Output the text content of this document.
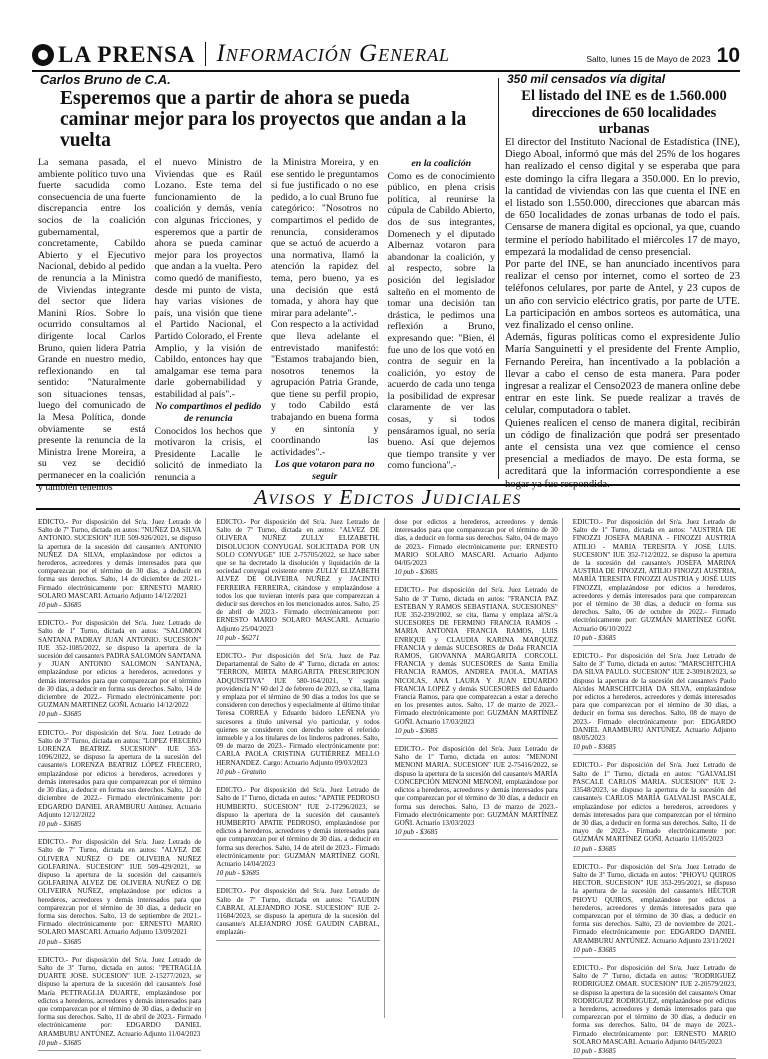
LA PRENSA Información General	Salto, lunes 15 de Mayo de 2023 10
Carlos Bruno de C.A.
Esperemos que a partir de ahora se pueda caminar mejor para los proyectos que andan a la vuelta
La semana pasada, el ambiente político tuvo una fuerte sacudida como consecuencia de una fuerte discrepancia entre los socios de la coalición gubernamental, concretamente, Cabildo Abierto y el Ejecutivo Nacional, debido al pedido de renuncia a la Ministra de Viviendas integrante del sector que lidera Manini Ríos. Sobre lo ocurrido consultamos al dirigente local Carlos Bruno, quien lidera Patria Grande en nuestro medio, reflexionando en tal sentido: "Naturalmente son situaciones tensas, luego del comunicado de la Mesa Política, donde obviamente se está presente la renuncia de la Ministra Irene Moreira, a su vez se decidió permanecer en la coalición y también tenemos
el nuevo Ministro de Viviendas que es Raúl Lozano. Este tema del funcionamiento de la coalición y demás, venía con algunas fricciones, y esperemos que a partir de ahora se pueda caminar mejor para los proyectos que andan a la vuelta. Pero como quedó de manifiesto, desde mi punto de vista, hay varias visiones de país, una visión que tiene el Partido Nacional, el Partido Colorado, el Frente Amplio, y la visión de Cabildo, entonces hay que amalgamar ese tema para darle gobernabilidad y estabilidad al país".-
No compartimos el pedido de renuncia
Conocidos los hechos que motivaron la crisis, el Presidente Lacalle le solicitó de inmediato la renuncia a
la Ministra Moreira, y en ese sentido le preguntamos si fue justificado o no ese pedido, a lo cual Bruno fue categórico: "Nosotros no compartimos el pedido de renuncia, consideramos que se actuó de acuerdo a una normativa, llamó la atención la rapidez del tema, pero bueno, ya es una decisión que está tomada, y ahora hay que mirar para adelante".-
Con respecto a la actividad que lleva adelante el entrevistado manifestó: "Estamos trabajando bien, nosotros tenemos la agrupación Patria Grande, que tiene su perfil propio, y todo Cabildo está trabajando en buena forma y en sintonía y coordinando las actividades".-
Los que votaron para no seguir
en la coalición
Como es de conocimiento público, en plena crisis política, al reunirse la cúpula de Cabildo Abierto, dos de sus integrantes, Domenech y el diputado Albernaz votaron para abandonar la coalición, y al respecto, sobre la posición del legislador salteño en el momento de tomar una decisión tan drástica, le pedimos una reflexión a Bruno, expresando que: "Bien, él fue uno de los que votó en contra de seguir en la coalición, yo estoy de acuerdo de cada uno tenga la posibilidad de expresar claramente de ver las cosas, y si todos pensáramos igual, no sería bueno. Así que dejemos que tiempo transite y ver como funciona".-
350 mil censados vía digital
El listado del INE es de 1.560.000 direcciones de 650 localidades urbanas

El director del Instituto Nacional de Estadística (INE), Diego Aboal, informó que más del 25% de los hogares han realizado el censo digital y se esperaba que para este domingo la cifra llegara a 350.000. En lo previo, la cantidad de viviendas con las que cuenta el INE en el listado son 1.550.000, direcciones que abarcan más de 650 localidades de zonas urbanas de todo el país. Censarse de manera digital es opcional, ya que, cuando termine el período habilitado el miércoles 17 de mayo, empezará la modalidad de censo presencial.

Por parte del INE, se han anunciado incentivos para realizar el censo por internet, como el sorteo de 23 teléfonos celulares, por parte de Antel, y 23 cupos de un año con servicio eléctrico gratis, por parte de UTE. La participación en ambos sorteos es automática, una vez finalizado el censo online.

Además, figuras políticas como el expresidente Julio María Sanguinetti y el presidente del Frente Amplio, Fernando Pereira, han incentivado a la población a llevar a cabo el censo de esta manera. Para poder ingresar a realizar el Censo2023 de manera online debe entrar en este link. Se puede realizar a través de celular, computadora o tablet.

Quienes realicen el censo de manera digital, recibirán un código de finalización que podrá ser presentado ante el censista una vez que comience el censo presencial a mediados de mayo. De esta forma, se acreditará que la información correspondiente a ese hogar ya fue respondida.

Avisos y Edictos Judiciales
EDICTO.- Por disposición del Sr/a. Juez Letrado de Salto de 7º Turno, dictada en autos: "NUÑEZ DA SILVA ANTONIO. SUCESION" IUE 509-926/2021, se dispuso la apertura de la sucesión del causante/s ANTONIO NUÑEZ DA SILVA, emplazándose por edictos a herederos, acreedores y demás interesados para que comparezcan por el término de 30 días, a deducir en forma sus derechos. Salto, 14 de diciembre de 2021.- Firmado electrónicamente por: ERNESTO MARIO SOLARO MASCARI. Actuario Adjunto 14/12/2021
10 pub - $3685
EDICTO.- Por disposición del Sr/a. Juez Letrado de Salto de 1º Turno, dictada en autos: "SALOMON SANTANA PADRAY JUAN ANTONIO. SUCESION" IUE 352-1085/2022, se dispuso la apertura de la sucesión del causante/s PADRA SALOMON SANTANA y JUAN ANTONIO SALOMON SANTANA, emplazándose por edictos a herederos, acreedores y demás interesados para que comparezcan por el término de 30 días, a deducir en forma sus derechos. Salto, 14 de diciembre de 2022.- Firmado electrónicamente por: GUZMAN MARTINEZ GOÑI. Actuario 14/12/2022
10 pub - $3685
EDICTO.- Por disposición del Sr/a. Juez Letrado de Salto de 3º Turno, dictada en autos: "LOPEZ FRECERO LORENZA BEATRIZ. SUCESION" IUE 353-1096/2022, se dispuso la apertura de la sucesión del causante/s LORENZA BEATRIZ LÓPEZ FRECERO, emplazándose por edictos a herederos, acreedores y demás interesados para que comparezcan por el término de 30 días, a deducir en forma sus derechos. Salto, 12 de diciembre de 2022.- Firmado electrónicamente por: EDGARDO DANIEL ARAMBURU Antúnez. Actuario Adjunto 12/12/2022
10 pub - $3685
EDICTO.- Por disposición del Sr/a. Juez Letrado de Salto de 7º Turno, dictada en autos: "ALVEZ DE OLIVERA NUÑEZ O DE OLIVEIRA NUÑEZ GOLFARINA. SUCESION" IUE 509-429/2021, se dispuso la apertura de la sucesión del causante/s GOLFARINA ALVEZ DE OLIVERA NUÑEZ O DE OLIVEIRA NUÑEZ, emplazándose por edictos a herederos, acreedores y demás interesados para que comparezcan por el término de 30 días, a deducir en forma sus derechos. Salto, 13 de septiembre de 2021.- Firmado electrónicamente por: ERNESTO MARIO SOLARO MASCARI. Actuario Adjunto 13/09/2021
10 pub - $3685
EDICTO.- Por disposición del Sr/a. Juez Letrado de Salto de 3º Turno, dictada en autos: "PETRAGLIA DUARTE JOSE. SUCESION" IUE 2-15277/2023, se dispuso la apertura de la sucesión del causante/s José María PETTRAGLIA DUARTE, emplazándose por edictos a herederos, acreedores y demás interesados para que comparezcan por el término de 30 días, a deducir en forma sus derechos. Salto, 11 de abril de 2023.- Firmado electrónicamente por: EDGARDO DANIEL ARAMBURU ANTÚNEZ. Actuario Adjunto 11/04/2023
10 pub - $3685
EDICTO.- Por disposición del Sr/a. Juez Letrado de Salto de 7º Turno, dictada en autos: "ALVEZ DE OLIVERA NUÑEZ ZULLY ELIZABETH. DISOLUCION CONYUGAL SOLICITADA POR UN SOLO CONYUGE" IUE 2-75705/2022, se hace saber que se ha decretado la disolución y liquidación de la sociedad conyugal existente entre ZULLY ELIZABETH ALVEZ DE OLIVEIRA NUÑEZ y JACINTO FERREIRA FERREIRA, citándose y emplazándose a todos los que tuvieran interés para que comparezcan a deducir sus derechos en los mencionados autos. Salto, 25 de abril de 2023.- Firmado electrónicamente por: ERNESTO MARIO SOLARO MASCARI. Actuario Adjunto 25/04/2023
10 pub - $6271
EDICTO.- Por disposición del Sr/a. Juez de Paz Departamental de Salto de 4º Turno, dictada en autos: "FERRON, MIRTA MARGARITA PRESCRIPCION ADQUISITIVA" IUE 580-164/2021, Y según providencia Nº 60 del 2 de febrero de 2023, se cita, llama y emplaza por el término de 90 días a todos los que se consideren con derechos y especialmente al último titular Teresa CORREA y Eduardo Isidoro LEÑENA y/o sucesores a título universal y/o particular, y todos quienes se consideren con derecho sobre el referido inmueble y a los titulares de los linderos padrones. Salto, 09 de marzo de 2023.- Firmado electrónicamente por: CARLA PAOLA CRISTINA GUTIÉRREZ MELLO HERNANDEZ. Cargo: Actuario Adjunto 09/03/2023
10 pub - Gratuito
EDICTO.- Por disposición del Sr/a. Juez Letrado de Salto de 1º Turno, dictada en autos: "APATIE PEDROSO HUMBERTO. SUCESION" IUE 2-17296/2023, se dispuso la apertura de la sucesión del causante/s HUMBERTO APATIE PEDROSO, emplazándose por edictos a herederos, acreedores y demás interesados para que comparezcan por el término de 30 días, a deducir en forma sus derechos. Salto, 14 de abril de 2023.- Firmado electrónicamente por: GUZMÁN MARTÍNEZ GOÑI. Actuario 14/04/2023
10 pub - $3685
EDICTO.- Por disposición del Sr/a. Juez Letrado de Salto de 7º Turno, dictada en autos: "GAUDIN CABRAL ALEJANDRO JOSE. SUCESION" IUE 2-11684/2023, se dispuso la apertura de la sucesión del causante/s ALEJANDRO JOSÉ GAUDIN CABRAL, emplazán-
dose por edictos a herederos, acreedores y demás interesados para que comparezcan por el término de 30 días, a deducir en forma sus derechos. Salto, 04 de mayo de 2023.- Firmado electrónicamente por: ERNESTO MARIO SOLARO MASCARI. Actuario Adjunto 04/05/2023
10 pub - $3685
EDICTO.- Por disposición del Sr/a. Juez Letrado de Salto de 3º Turno, dictada en autos: "FRANCIA PAZ ESTEBAN Y RAMOS SEBASTIANA. SUCESIONES" IUE 352-239/2002, se cita, llama y emplaza al/Sr./a SUCESORES DE FERMINO FRANCIA RAMOS - MARIA ANTONIA FRANCIA RAMOS, LUIS ENRIQUE y CLAUDIA KARINA MARQUEZ FRANCIA y demás SUCESORES de Doña FRANCIA RAMOS, GIOVANNA MARGARITA CORCOLL FRANCIA y demás SUCESORES de Santa Emilia FRANCIA RAMOS, ANDREA PAOLA, MATIAS NICOLAS, ANA LAURA Y JUAN EDUARDO FRANCIA LOPEZ y demás SUCESORES del Eduardo Francia Ramos, para que comparezcan a estar a derecho en los presentes autos. Salto, 17 de marzo de 2023.- Firmado electrónicamente por: GUZMÁN MARTÍNEZ GOÑI. Actuario 17/03/2023
10 pub - $3685
EDICTO.- Por disposición del Sr/a. Juez Letrado de Salto de 1º Turno, dictada en autos: "MENONI MENONI MARIA. SUCESION" IUE 2-75416/2022, se dispuso la apertura de la sucesión del causante/s MARÍA CONCEPCIÓN MENONI MENONI, emplazándose por edictos a herederos, acreedores y demás interesados para que comparezcan por el término de 30 días, a deducir en forma sus derechos. Salto, 13 de marzo de 2023.- Firmado electrónicamente por: GUZMÁN MARTÍNEZ GOÑI. Actuario 13/03/2023
10 pub - $3685
EDICTO.- Por disposición del Sr/a. Juez Letrado de Salto de 1º Turno, dictada en autos: "AUSTRIA DE FINOZZI JOSEFA MARINA - FINOZZI AUSTRIA ATILIO - MARIA TERESITA Y JOSE LUIS. SUCESION" IUE 352-712/2022, se dispuso la apertura de la sucesión del causante/s JOSEFA MARINA AUSTRIA DE FINOZZI, ATILIO FINOZZI AUSTRIA, MARÍA TERESITA FINOZZI AUSTRIA y JOSÉ LUIS FINOZZI, emplazándose por edictos a herederos, acreedores y demás interesados para que comparezcan por el término de 30 días, a deducir en forma sus derechos. Salto, 06 de octubre de 2022.- Firmado electrónicamente por: GUZMÁN MARTÍNEZ GOÑI. Actuario 06/10/2022
10 pub - $3685
EDICTO.- Por disposición del Sr/a. Juez Letrado de Salto de 3º Turno, dictada en autos: "MARSCHITCHIA DA SILVA PAULO. SUCESION" IUE 2-30918/2023, se dispuso la apertura de la sucesión del causante/s Paulo Alcides MARSCHITCHIA DA SILVA, emplazándose por edictos a herederos, acreedores y demás interesados para que comparezcan por el término de 30 días, a deducir en forma sus derechos. Salto, 08 de mayo de 2023.- Firmado electrónicamente por: EDGARDO DANIEL ARAMBURU ANTÚNEZ. Actuario Adjunto 08/05/2023
10 pub - $3685
EDICTO.- Por disposición del Sr/a. Juez Letrado de Salto de 1º Turno, dictada en autos: "GALVALISI PASCALE CARLOS MARIA. SUCESION" IUE 2-33548/2023, se dispuso la apertura de la sucesión del causante/s CARLOS MARÍA GALVALISI PASCALE, emplazándose por edictos a herederos, acreedores y demás interesados para que comparezcan por el término de 30 días, a deducir en forma sus derechos. Salto, 11 de mayo de 2023.- Firmado electrónicamente por: GUZMÁN MARTÍNEZ GOÑI. Actuario 11/05/2023
10 pub - $3685
EDICTO.- Por disposición del Sr/a. Juez Letrado de Salto de 3º Turno, dictada en autos: "PHOYU QUIROS HECTOR. SUCESION" IUE 353-295/2021, se dispuso la apertura de la sucesión del causante/s HÉCTOR PHOYU QUIROS, emplazándose por edictos a herederos, acreedores y demás interesados para que comparezcan por el término de 30 días, a deducir en forma sus derechos. Salto, 23 de noviembre de 2021.- Firmado electrónicamente por: EDGARDO DANIEL ARAMBURU ANTÚNEZ. Actuario Adjunto 23/11/2021
10 pub - $3685
EDICTO.- Por disposición del Sr/a. Juez Letrado de Salto de 7º Turno, dictada en autos: "RODRIGUEZ RODRIGUEZ OMAR. SUCESION" IUE 2-20579/2023, se dispuso la apertura de la sucesión del causante/s Omar RODRIGUEZ RODRIGUEZ, emplazándose por edictos a herederos, acreedores y demás interesados para que comparezcan por el término de 30 días, a deducir en forma sus derechos. Salto, 04 de mayo de 2023.- Firmado electrónicamente por: ERNESTO MARIO SOLARO MASCARI. Actuario Adjunto 04/05/2023
10 pub - $3685
